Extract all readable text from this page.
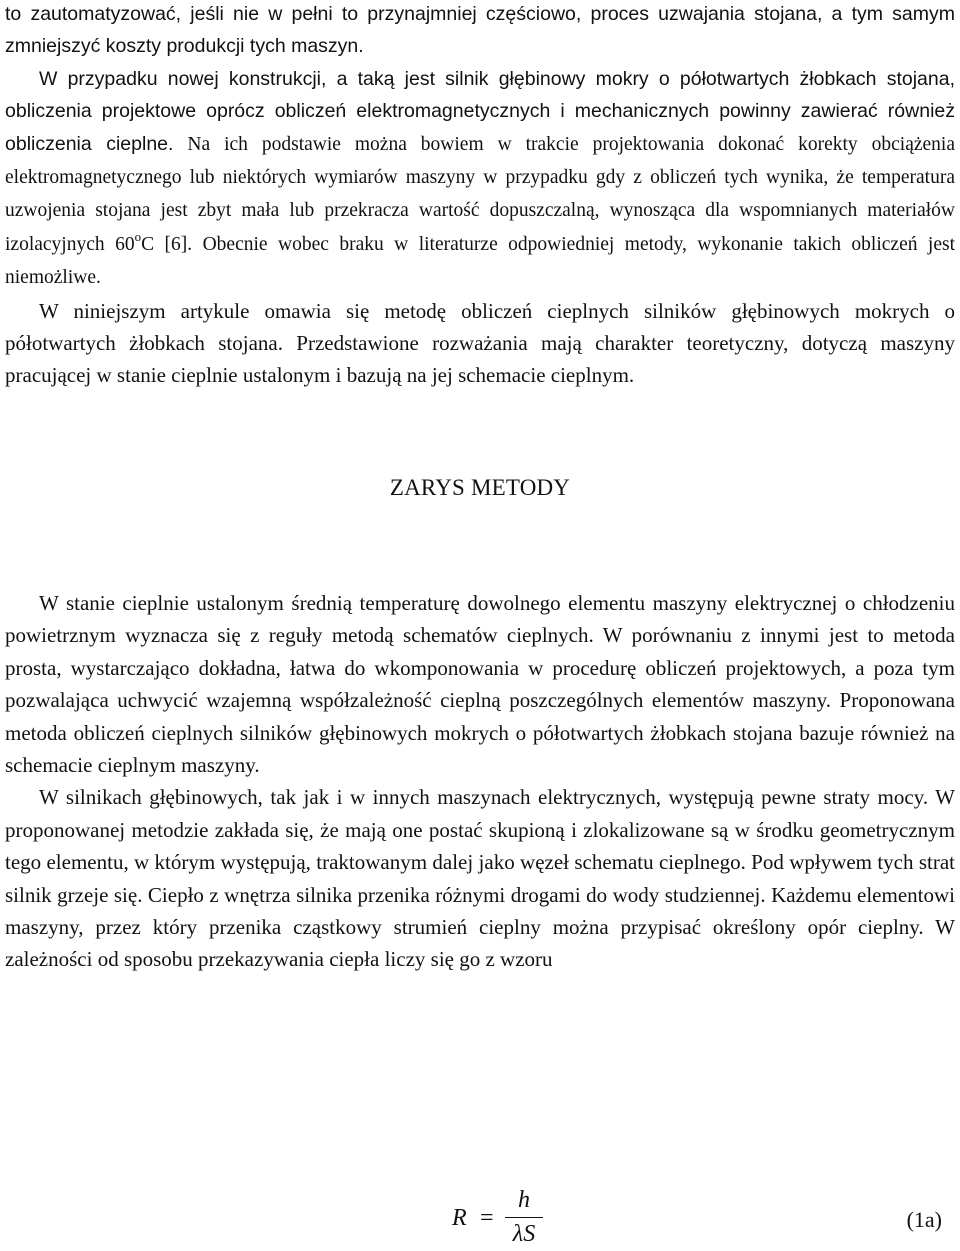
to zautomatyzować, jeśli nie w pełni to przynajmniej częściowo, proces uzwajania stojana, a tym samym zmniejszyć koszty produkcji tych maszyn.

W przypadku nowej konstrukcji, a taką jest silnik głębinowy mokry o półotwartych żłobkach stojana, obliczenia projektowe oprócz obliczeń elektromagnetycznych i mechanicznych powinny zawierać również obliczenia cieplne. Na ich podstawie można bowiem w trakcie projektowania dokonać korekty obciążenia elektromagnetycznego lub niektórych wymiarów maszyny w przypadku gdy z obliczeń tych wynika, że temperatura uzwojenia stojana jest zbyt mała lub przekracza wartość dopuszczalną, wynosząca dla wspomnianych materiałów izolacyjnych 60$^o$C [6]. Obecnie wobec braku w literaturze odpowiedniej metody, wykonanie takich obliczeń jest niemożliwe.

W niniejszym artykule omawia się metodę obliczeń cieplnych silników głębinowych mokrych o półotwartych żłobkach stojana. Przedstawione rozważania mają charakter teoretyczny, dotyczą maszyny pracującej w stanie cieplnie ustalonym i bazują na jej schemacie cieplnym.

ZARYS METODY

W stanie cieplnie ustalonym średnią temperaturę dowolnego elementu maszyny elektrycznej o chłodzeniu powietrznym wyznacza się z reguły metodą schematów cieplnych. W porównaniu z innymi jest to metoda prosta, wystarczająco dokładna, łatwa do wkomponowania w procedurę obliczeń projektowych, a poza tym pozwalająca uchwycić wzajemną współzależność cieplną poszczególnych elementów maszyny. Proponowana metoda obliczeń cieplnych silników głębinowych mokrych o półotwartych żłobkach stojana bazuje również na schemacie cieplnym maszyny.

W silnikach głębinowych, tak jak i w innych maszynach elektrycznych, występują pewne straty mocy. W proponowanej metodzie zakłada się, że mają one postać skupioną i zlokalizowane są w środku geometrycznym tego elementu, w którym występują, traktowanym dalej jako węzeł schematu cieplnego. Pod wpływem tych strat silnik grzeje się. Ciepło z wnętrza silnika przenika różnymi drogami do wody studziennej. Każdemu elementowi maszyny, przez który przenika cząstkowy strumień cieplny można przypisać określony opór cieplny. W zależności od sposobu przekazywania ciepła liczy się go z wzoru

R =
h
λS
(1a)
